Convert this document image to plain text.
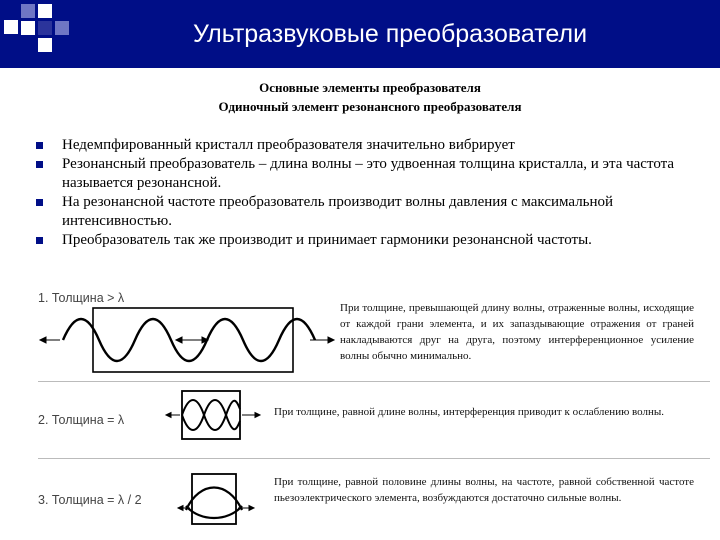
Ультразвуковые преобразователи
Основные элементы преобразователя
Одиночный элемент резонансного преобразователя
Недемпфированный кристалл преобразователя значительно вибрирует
Резонансный преобразователь – длина волны – это удвоенная толщина кристалла, и эта частота называется резонансной.
На резонансной частоте преобразователь производит волны давления с максимальной интенсивностью.
Преобразователь так же производит и принимает гармоники резонансной частоты.
1. Толщина > λ
При толщине, превышающей длину волны, отраженные волны, исходящие от каждой грани элемента, и их запаздывающие отражения от граней накладываются друг на друга, поэтому интерференционное усиление волны обычно минимально.
2. Толщина = λ
При толщине, равной длине волны, интерференция приводит к ослаблению волны.
3. Толщина = λ / 2
При толщине, равной половине длины волны, на частоте, равной собственной частоте пьезоэлектрического элемента, возбуждаются достаточно сильные волны.
